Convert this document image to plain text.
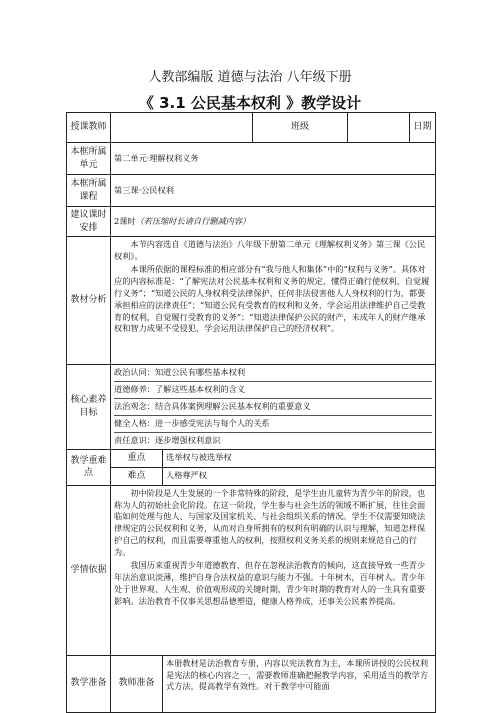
人教部编版 道德与法治 八年级下册
《 3.1 公民基本权利 》教学设计
授课教师			班级		日期
本框所属单元	第二单元·理解权利义务				
本框所属课程	第三课·公民权利				
建议课时安排	2课时（若压缩时长请自行删减内容）				
教材分析	本节内容选自《道德与法治》八年级下册第二单元《理解权利义务》第三课《公民权利》。

本课所依据的课程标准的相应部分有“我与他人和集体”中的“权利与义务”。具体对应的内容标准是：“了解宪法对公民基本权利和义务的规定，懂得正确行使权利、自觉履行义务”；“知道公民的人身权利受法律保护，任何非法侵害他人人身权利的行为，都要承担相应的法律责任”；“知道公民有受教育的权利和义务，学会运用法律维护自己受教育的权利，自觉履行受教育的义务”；“知道法律保护公民的财产，未成年人的财产继承权和智力成果不受侵犯，学会运用法律保护自己的经济权利”。				

核心素养目标	政治认同：知道公民有哪些基本权利
道德修养：了解这些基本权利的含义
法治观念：结合具体案例理解公民基本权利的重要意义
健全人格：进一步感受宪法与每个人的关系
责任意识：逐步增强权利意识				

教学重难点	重点	选举权与被选举权			
	难点	人格尊严权			
学情依据	初中阶段是人生发展的一个非常特殊的阶段，是学生由儿童转为青少年的阶段，也称为人的初始社会化阶段。在这一阶段，学生参与社会生活的领域不断扩展，往往会面临如何处理与他人、与国家及国家机关、与社会组织关系的情况。学生不仅需要知晓法律规定的公民权利和义务，从而对自身所拥有的权利有明确的认识与理解，知道怎样保护自己的权利，而且需要尊重他人的权利，按照权利义务关系的规则来规范自己的行为。

我国历来重视青少年道德教育，但存在忽视法治教育的倾向，这直接导致一些青少年法治意识淡薄，维护自身合法权益的意识与能力不强。十年树木，百年树人。青少年处于世界观、人生观、价值观形成的关键时期，青少年时期的教育对人的一生具有重要影响。法治教育不仅事关思想品德塑造，健康人格养成，还事关公民素养提高。				

教学准备	教师准备	本册教材是法治教育专册，内容以宪法教育为主，本课所讲授的公民权利是宪法的核心内容之一，需要教师准确把握教学内容，采用适当的教学方式方法，提高教学有效性。对于教学中可能面			
